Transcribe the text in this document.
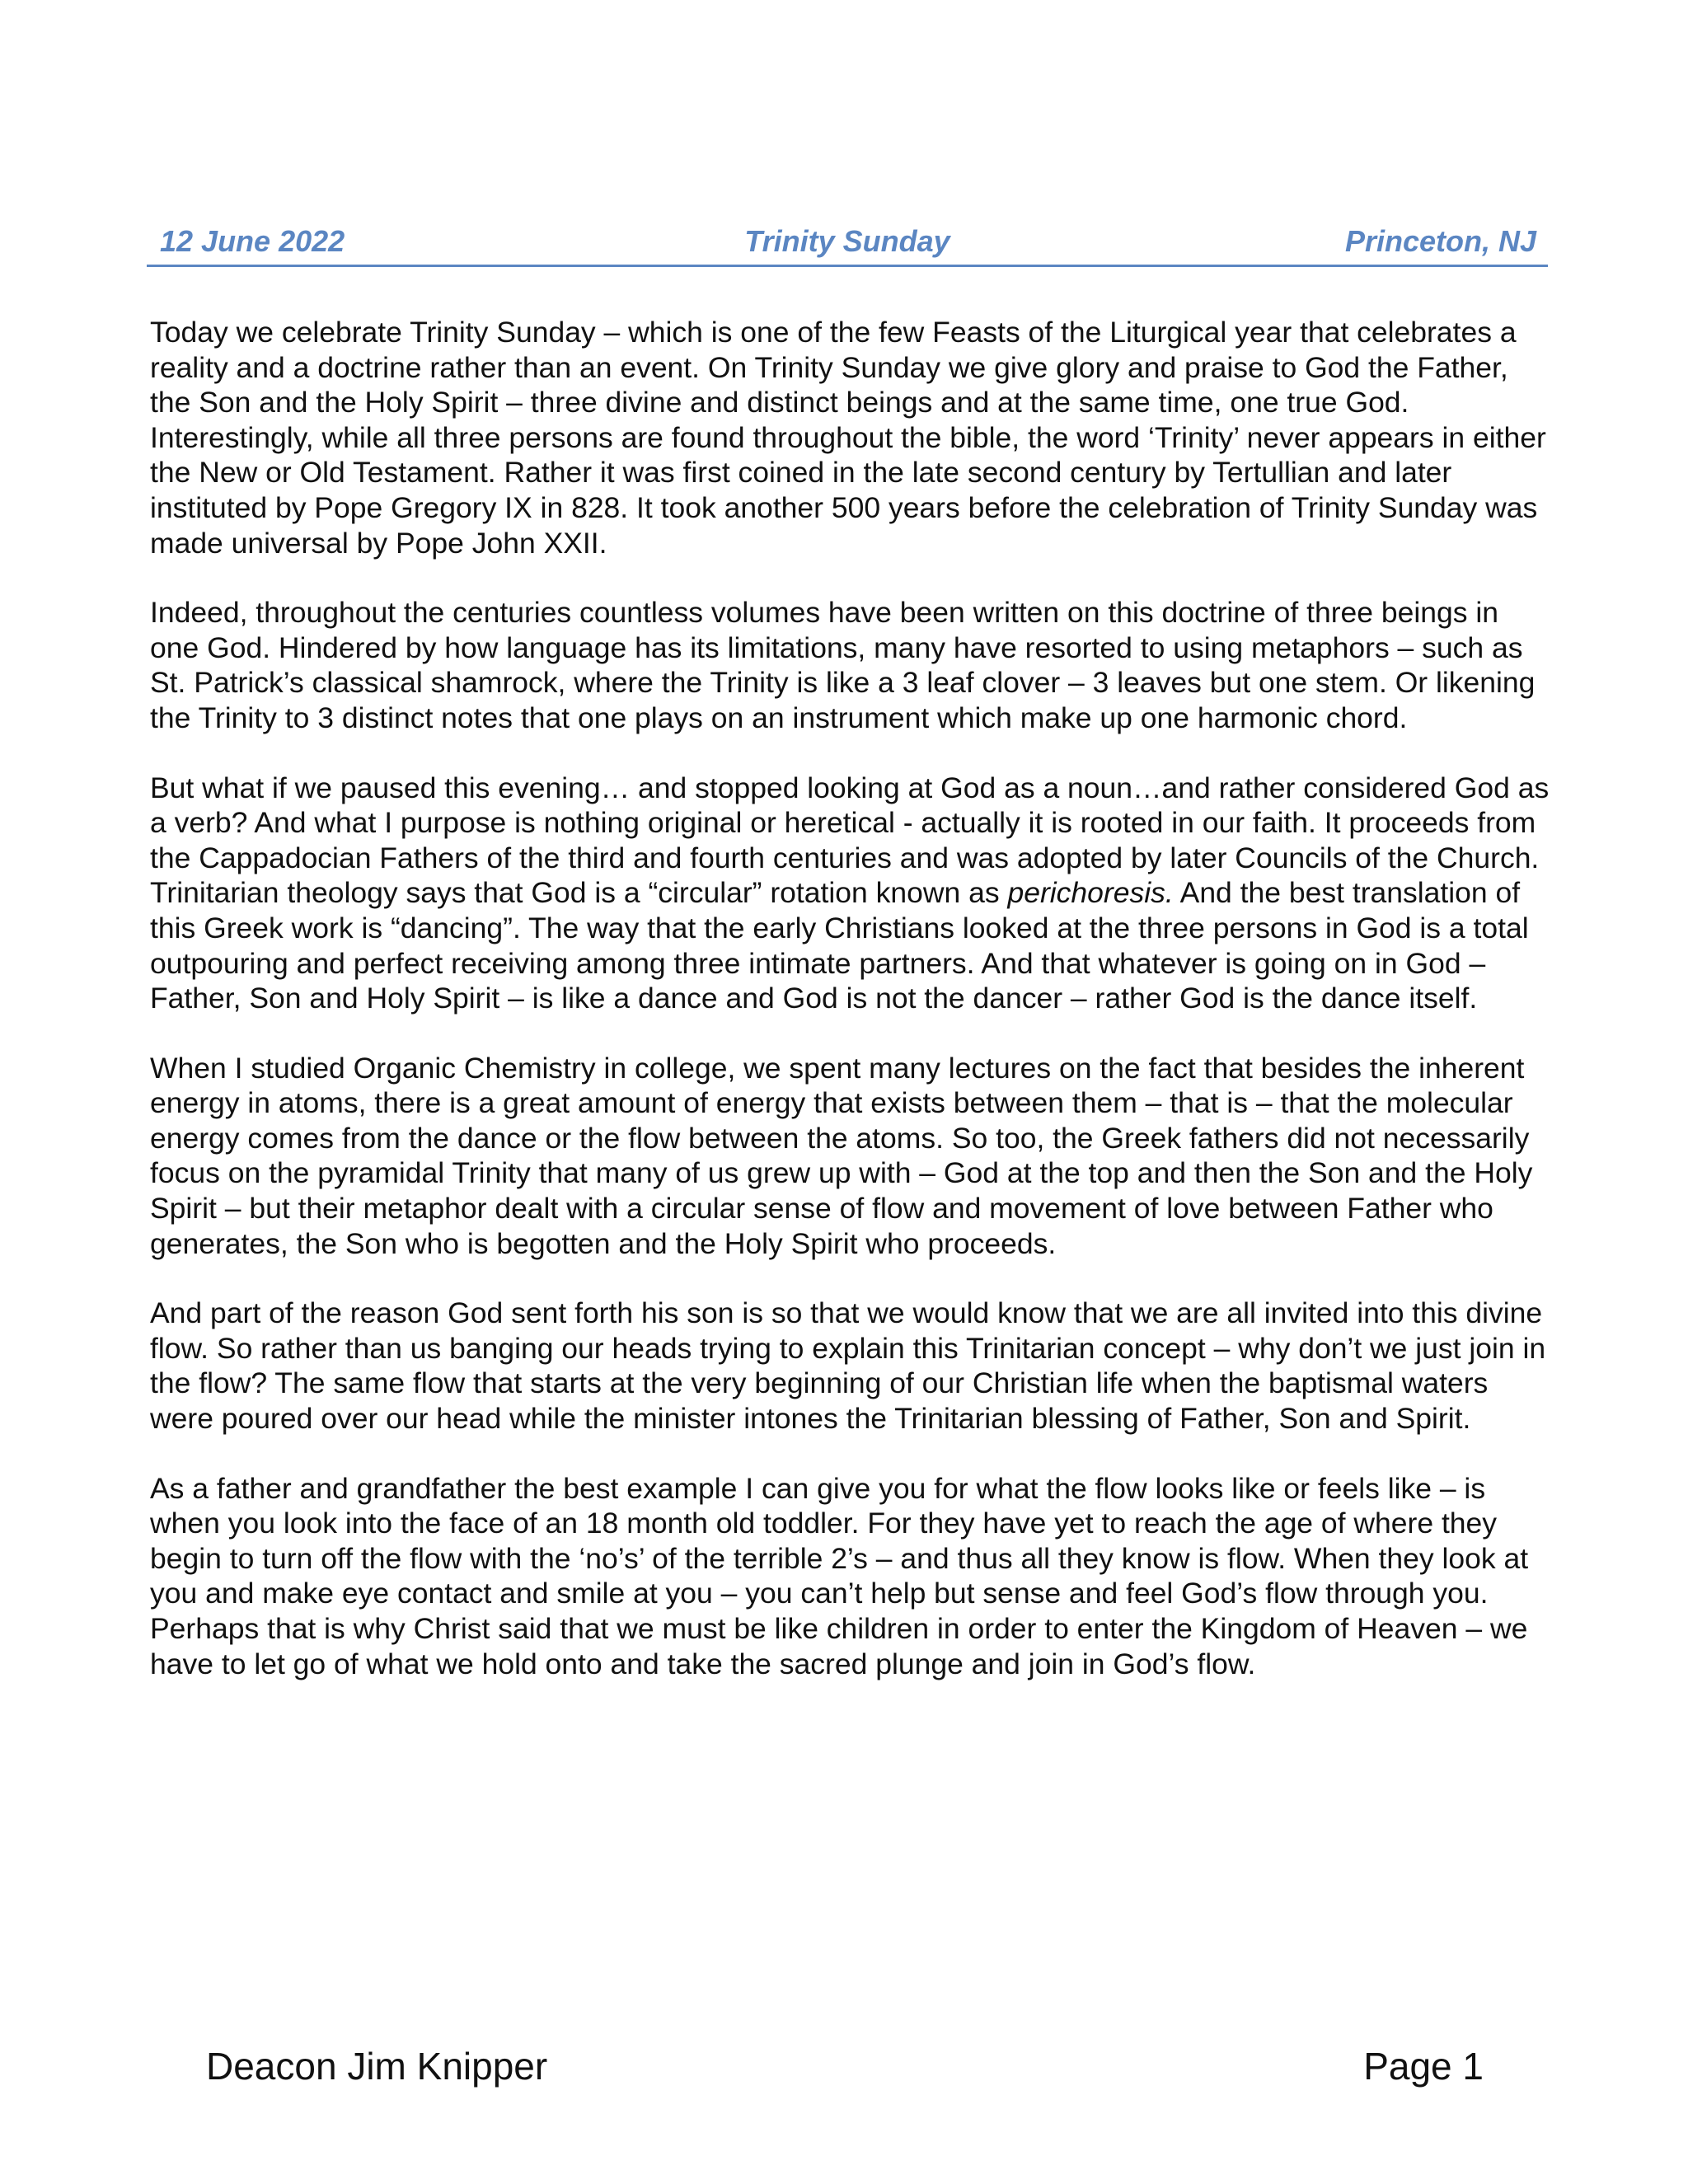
12 June 2022	Trinity Sunday	Princeton, NJ

Today we celebrate Trinity Sunday – which is one of the few Feasts of the Liturgical year that celebrates a reality and a doctrine rather than an event. On Trinity Sunday we give glory and praise to God the Father, the Son and the Holy Spirit – three divine and distinct beings and at the same time, one true God. Interestingly, while all three persons are found throughout the bible, the word ‘Trinity’ never appears in either the New or Old Testament. Rather it was first coined in the late second century by Tertullian and later instituted by Pope Gregory IX in 828. It took another 500 years before the celebration of Trinity Sunday was made universal by Pope John XXII.

Indeed, throughout the centuries countless volumes have been written on this doctrine of three beings in one God. Hindered by how language has its limitations, many have resorted to using metaphors – such as St. Patrick’s classical shamrock, where the Trinity is like a 3 leaf clover – 3 leaves but one stem. Or likening the Trinity to 3 distinct notes that one plays on an instrument which make up one harmonic chord.

But what if we paused this evening… and stopped looking at God as a noun…and rather considered God as a verb? And what I purpose is nothing original or heretical - actually it is rooted in our faith. It proceeds from the Cappadocian Fathers of the third and fourth centuries and was adopted by later Councils of the Church. Trinitarian theology says that God is a “circular” rotation known as perichoresis. And the best translation of this Greek work is “dancing”. The way that the early Christians looked at the three persons in God is a total outpouring and perfect receiving among three intimate partners. And that whatever is going on in God – Father, Son and Holy Spirit – is like a dance and God is not the dancer – rather God is the dance itself.

When I studied Organic Chemistry in college, we spent many lectures on the fact that besides the inherent energy in atoms, there is a great amount of energy that exists between them – that is – that the molecular energy comes from the dance or the flow between the atoms. So too, the Greek fathers did not necessarily focus on the pyramidal Trinity that many of us grew up with – God at the top and then the Son and the Holy Spirit – but their metaphor dealt with a circular sense of flow and movement of love between Father who generates, the Son who is begotten and the Holy Spirit who proceeds.

And part of the reason God sent forth his son is so that we would know that we are all invited into this divine flow. So rather than us banging our heads trying to explain this Trinitarian concept – why don’t we just join in the flow? The same flow that starts at the very beginning of our Christian life when the baptismal waters were poured over our head while the minister intones the Trinitarian blessing of Father, Son and Spirit.

As a father and grandfather the best example I can give you for what the flow looks like or feels like – is when you look into the face of an 18 month old toddler. For they have yet to reach the age of where they begin to turn off the flow with the ‘no’s’ of the terrible 2’s – and thus all they know is flow. When they look at you and make eye contact and smile at you – you can’t help but sense and feel God’s flow through you. Perhaps that is why Christ said that we must be like children in order to enter the Kingdom of Heaven – we have to let go of what we hold onto and take the sacred plunge and join in God’s flow.

Deacon Jim Knipper	Page 1
